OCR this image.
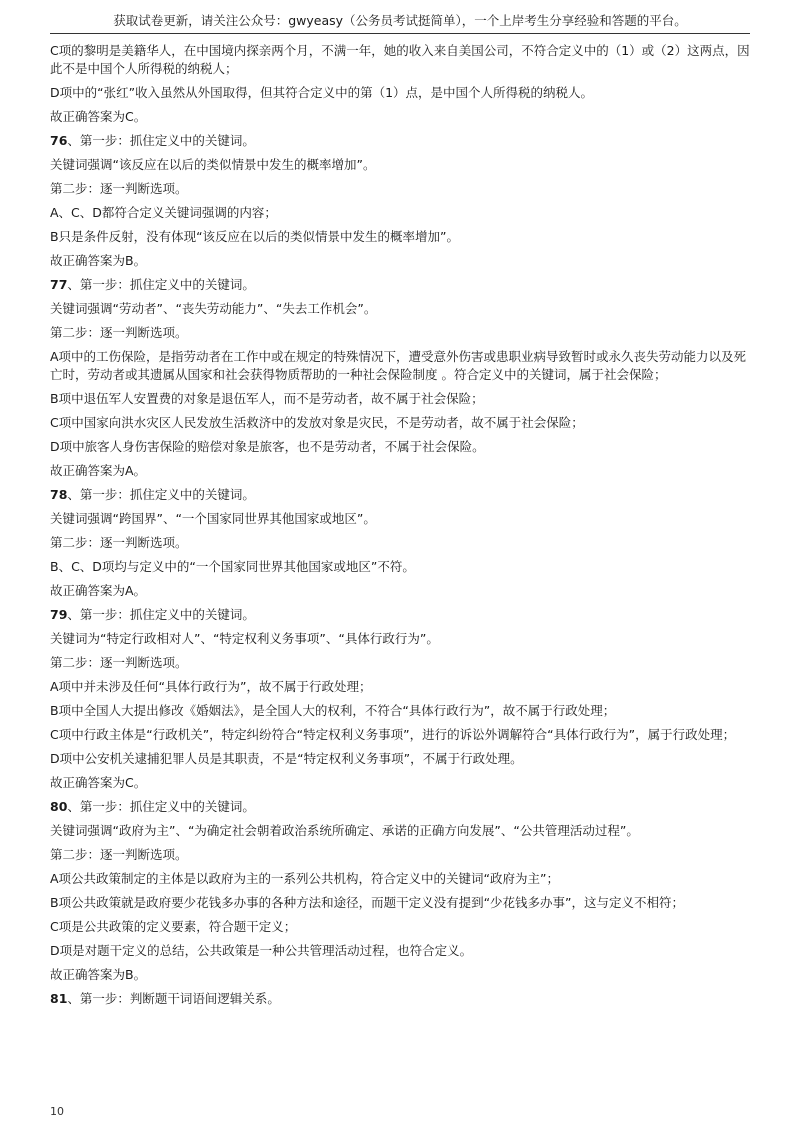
获取试卷更新，请关注公众号：gwyeasy（公务员考试挺简单），一个上岸考生分享经验和答题的平台。

C项的黎明是美籍华人，在中国境内探亲两个月，不满一年，她的收入来自美国公司，不符合定义中的（1）或（2）这两点，因此不是中国个人所得税的纳税人；

D项中的“张红”收入虽然从外国取得，但其符合定义中的第（1）点，是中国个人所得税的纳税人。

故正确答案为C。

76、第一步：抓住定义中的关键词。

关键词强调“该反应在以后的类似情景中发生的概率增加”。

第二步：逐一判断选项。

A、C、D都符合定义关键词强调的内容；

B只是条件反射，没有体现“该反应在以后的类似情景中发生的概率增加”。

故正确答案为B。

77、第一步：抓住定义中的关键词。

关键词强调“劳动者”、“丧失劳动能力”、“失去工作机会”。

第二步：逐一判断选项。

A项中的工伤保险，是指劳动者在工作中或在规定的特殊情况下，遭受意外伤害或患职业病导致暂时或永久丧失劳动能力以及死亡时，劳动者或其遗属从国家和社会获得物质帮助的一种社会保险制度 。符合定义中的关键词，属于社会保险；

B项中退伍军人安置费的对象是退伍军人，而不是劳动者，故不属于社会保险；

C项中国家向洪水灾区人民发放生活救济中的发放对象是灾民，不是劳动者，故不属于社会保险；

D项中旅客人身伤害保险的赔偿对象是旅客，也不是劳动者，不属于社会保险。

故正确答案为A。

78、第一步：抓住定义中的关键词。

关键词强调“跨国界”、“一个国家同世界其他国家或地区”。

第二步：逐一判断选项。

B、C、D项均与定义中的“一个国家同世界其他国家或地区”不符。

故正确答案为A。

79、第一步：抓住定义中的关键词。

关键词为“特定行政相对人”、“特定权利义务事项”、“具体行政行为”。

第二步：逐一判断选项。

A项中并未涉及任何“具体行政行为”，故不属于行政处理；

B项中全国人大提出修改《婚姻法》，是全国人大的权利，不符合“具体行政行为”，故不属于行政处理；

C项中行政主体是“行政机关”，特定纠纷符合“特定权利义务事项”，进行的诉讼外调解符合“具体行政行为”，属于行政处理；

D项中公安机关逮捕犯罪人员是其职责，不是“特定权利义务事项”，不属于行政处理。

故正确答案为C。

80、第一步：抓住定义中的关键词。

关键词强调“政府为主”、“为确定社会朝着政治系统所确定、承诺的正确方向发展”、“公共管理活动过程”。

第二步：逐一判断选项。

A项公共政策制定的主体是以政府为主的一系列公共机构，符合定义中的关键词“政府为主”；

B项公共政策就是政府要少花钱多办事的各种方法和途径，而题干定义没有提到“少花钱多办事”，这与定义不相符；

C项是公共政策的定义要素，符合题干定义；

D项是对题干定义的总结，公共政策是一种公共管理活动过程，也符合定义。

故正确答案为B。

81、第一步：判断题干词语间逻辑关系。

10
